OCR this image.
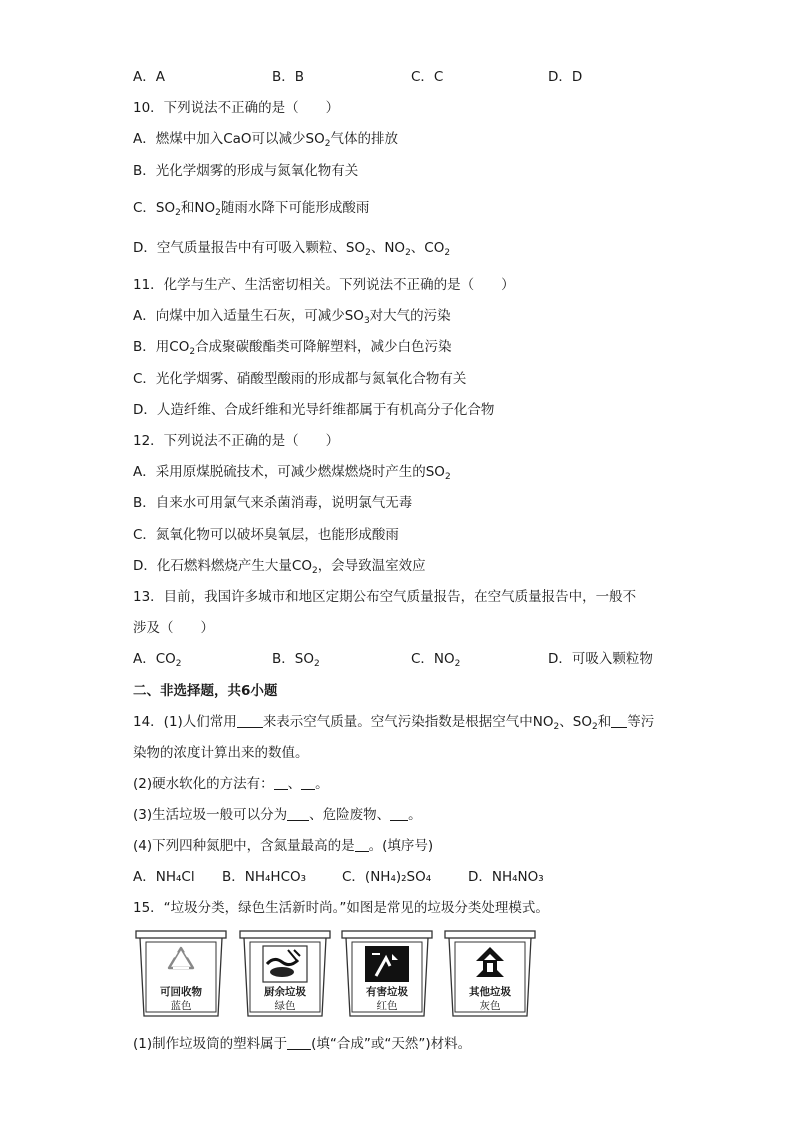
A．A	B．B	C．C	D．D
10．下列说法不正确的是（　　）
A．燃煤中加入CaO可以减少$SO_2$气体的排放
B．光化学烟雾的形成与氮氧化物有关
C．$SO_2$和$NO_2$随雨水降下可能形成酸雨
D．空气质量报告中有可吸入颗粒、$SO_2$、$NO_2$、$CO_2$
11．化学与生产、生活密切相关。下列说法不正确的是（　　）
A．向煤中加入适量生石灰，可减少$SO_3$对大气的污染
B．用$CO_2$合成聚碳酸酯类可降解塑料，减少白色污染
C．光化学烟雾、硝酸型酸雨的形成都与氮氧化合物有关
D．人造纤维、合成纤维和光导纤维都属于有机高分子化合物
12．下列说法不正确的是（　　）
A．采用原煤脱硫技术，可减少燃煤燃烧时产生的$SO_2$
B．自来水可用氯气来杀菌消毒，说明氯气无毒
C．氮氧化物可以破坏臭氧层，也能形成酸雨
D．化石燃料燃烧产生大量$CO_2$，会导致温室效应
13．目前，我国许多城市和地区定期公布空气质量报告，在空气质量报告中，一般不
涉及（　　）
A．$CO_2$	B．$SO_2$	C．$NO_2$	D．可吸入颗粒物
二、非选择题，共6小题
14．(1)人们常用 来表示空气质量。空气污染指数是根据空气中$NO_2$、$SO_2$和 等污
染物的浓度计算出来的数值。
(2)硬水软化的方法有： 、 。
(3)生活垃圾一般可以分为 、危险废物、 。
(4)下列四种氮肥中，含氮量最高的是 。(填序号)
A．NH₄Cl B．NH₄HCO₃	C．(NH₄)₂SO₄	D．NH₄NO₃
15．“垃圾分类，绿色生活新时尚。”如图是常见的垃圾分类处理模式。
可回收物
蓝色
厨余垃圾
绿色
有害垃圾
红色
其他垃圾
灰色
(1)制作垃圾筒的塑料属于 (填“合成”或“天然”)材料。
